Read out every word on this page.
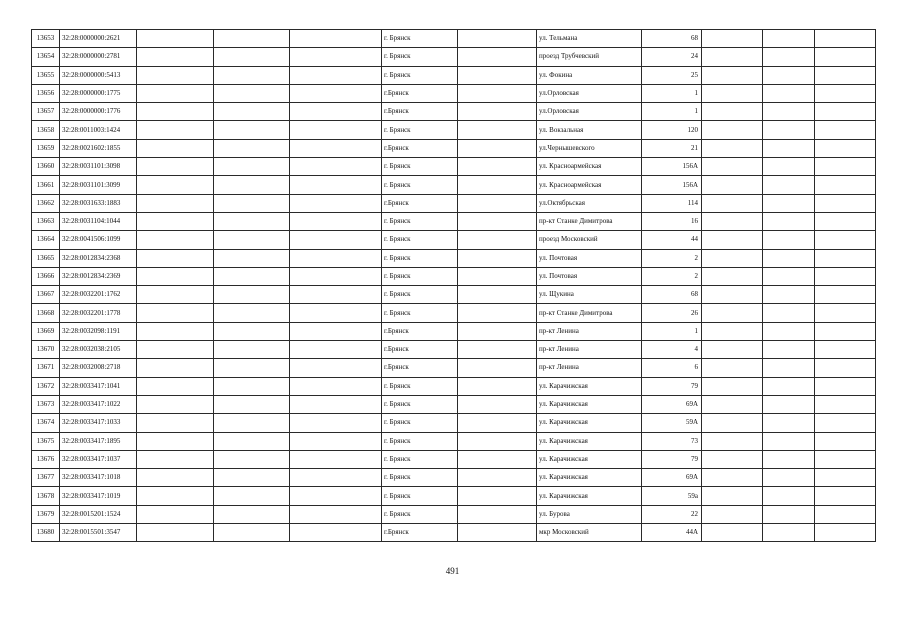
13653	32:28:0000000:2621				г. Брянск		ул. Тельмана	68			
13654	32:28:0000000:2781				г. Брянск		проезд Трубчевский	24			
13655	32:28:0000000:5413				г. Брянск		ул. Фокина	25			
13656	32:28:0000000:1775				г.Брянск		ул.Орловская	1			
13657	32:28:0000000:1776				г.Брянск		ул.Орловская	1			
13658	32:28:0011003:1424				г. Брянск		ул. Вокзальная	120			
13659	32:28:0021602:1855				г.Брянск		ул.Чернышевского	21			
13660	32:28:0031101:3098				г. Брянск		ул. Красноармейская	156А			
13661	32:28:0031101:3099				г. Брянск		ул. Красноармейская	156А			
13662	32:28:0031633:1883				г.Брянск		ул.Октябрьская	114			
13663	32:28:0031104:1044				г. Брянск		пр-кт Станке Димитрова	16			
13664	32:28:0041506:1099				г. Брянск		проезд Московский	44			
13665	32:28:0012834:2368				г. Брянск		ул. Почтовая	2			
13666	32:28:0012834:2369				г. Брянск		ул. Почтовая	2			
13667	32:28:0032201:1762				г. Брянск		ул. Щукина	68			
13668	32:28:0032201:1778				г. Брянск		пр-кт Станке Димитрова	26			
13669	32:28:0032098:1191				г.Брянск		пр-кт Ленина	1			
13670	32:28:0032038:2105				г.Брянск		пр-кт Ленина	4			
13671	32:28:0032008:2718				г.Брянск		пр-кт Ленина	6			
13672	32:28:0033417:1041				г. Брянск		ул. Карачижская	79			
13673	32:28:0033417:1022				г. Брянск		ул. Карачижская	69А			
13674	32:28:0033417:1033				г. Брянск		ул. Карачижская	59А			
13675	32:28:0033417:1895				г. Брянск		ул. Карачижская	73			
13676	32:28:0033417:1037				г. Брянск		ул. Карачижская	79			
13677	32:28:0033417:1018				г. Брянск		ул. Карачижская	69А			
13678	32:28:0033417:1019				г. Брянск		ул. Карачижская	59а			
13679	32:28:0015201:1524				г. Брянск		ул. Бурова	22			
13680	32:28:0015501:3547				г.Брянск		мкр Московский	44А			
491
